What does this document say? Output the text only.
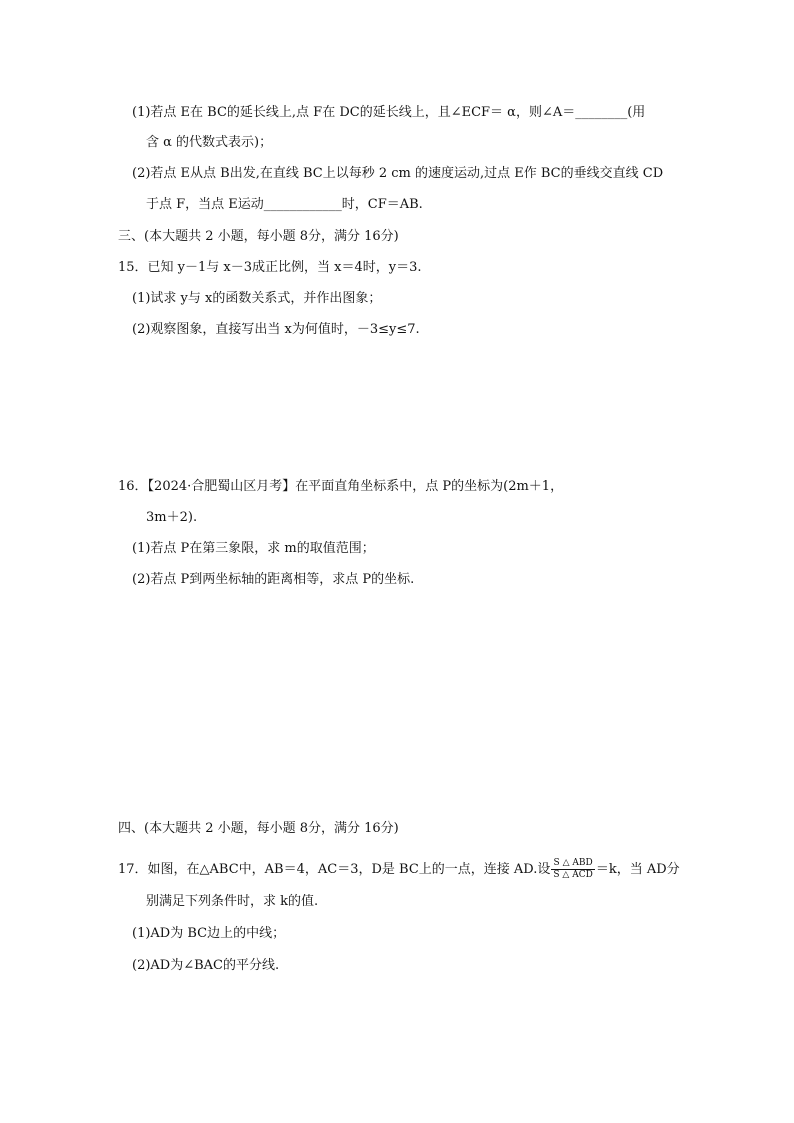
(1)若点 E在 BC的延长线上,点 F在 DC的延长线上，且∠ECF＝ α，则∠A＝________(用
含 α 的代数式表示)；
(2)若点 E从点 B出发,在直线 BC上以每秒 2 cm 的速度运动,过点 E作 BC的垂线交直线 CD
于点 F，当点 E运动____________时，CF＝AB.
三、(本大题共 2 小题，每小题 8分，满分 16分)
15．已知 y－1与 x－3成正比例，当 x＝4时，y＝3.
(1)试求 y与 x的函数关系式，并作出图象；
(2)观察图象，直接写出当 x为何值时，－3≤y≤7.
16．【2024·合肥蜀山区月考】在平面直角坐标系中，点 P的坐标为(2m＋1，
3m＋2).
(1)若点 P在第三象限，求 m的取值范围；
(2)若点 P到两坐标轴的距离相等，求点 P的坐标.
四、(本大题共 2 小题，每小题 8分，满分 16分)
17．如图，在△ABC中，AB＝4，AC＝3，D是 BC上的一点，连接 AD.设 $\frac{\text{S △ ABD}}{\text{S △ ACD}} =k$，当 AD分
别满足下列条件时，求 k的值.
(1)AD为 BC边上的中线；
(2)AD为∠BAC的平分线.
